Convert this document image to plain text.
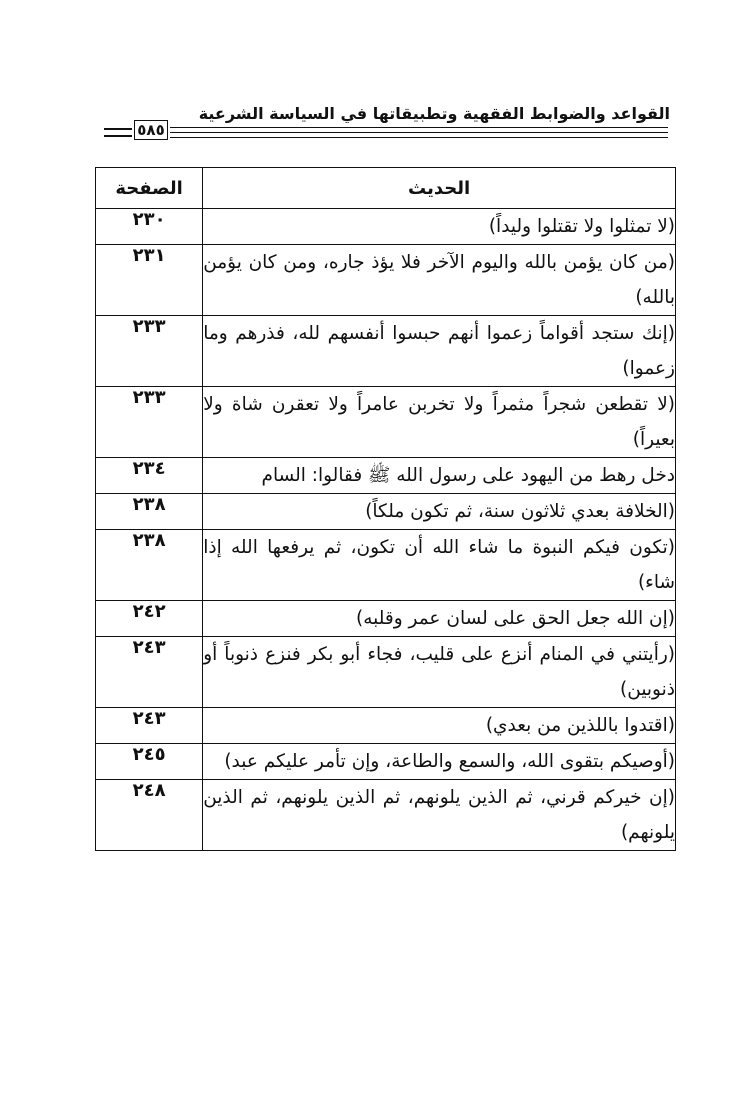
القواعد والضوابط الفقهية وتطبيقاتها في السياسة الشرعية
٥٨٥
الحديث	الصفحة
(لا تمثلوا ولا تقتلوا وليداً)	٢٣٠
(من كان يؤمن بالله واليوم الآخر فلا يؤذ جاره، ومن كان يؤمن بالله)	٢٣١
(إنك ستجد أقواماً زعموا أنهم حبسوا أنفسهم لله، فذرهم وما زعموا)	٢٣٣
(لا تقطعن شجراً مثمراً ولا تخربن عامراً ولا تعقرن شاة ولا بعيراً)	٢٣٣
دخل رهط من اليهود على رسول الله ﷺ فقالوا: السام	٢٣٤
(الخلافة بعدي ثلاثون سنة، ثم تكون ملكاً)	٢٣٨
(تكون فيكم النبوة ما شاء الله أن تكون، ثم يرفعها الله إذا شاء)	٢٣٨
(إن الله جعل الحق على لسان عمر وقلبه)	٢٤٢
(رأيتني في المنام أنزع على قليب، فجاء أبو بكر فنزع ذنوباً أو ذنوبين)	٢٤٣
(اقتدوا باللذين من بعدي)	٢٤٣
(أوصيكم بتقوى الله، والسمع والطاعة، وإن تأمر عليكم عبد)	٢٤٥
(إن خيركم قرني، ثم الذين يلونهم، ثم الذين يلونهم، ثم الذين يلونهم)	٢٤٨
